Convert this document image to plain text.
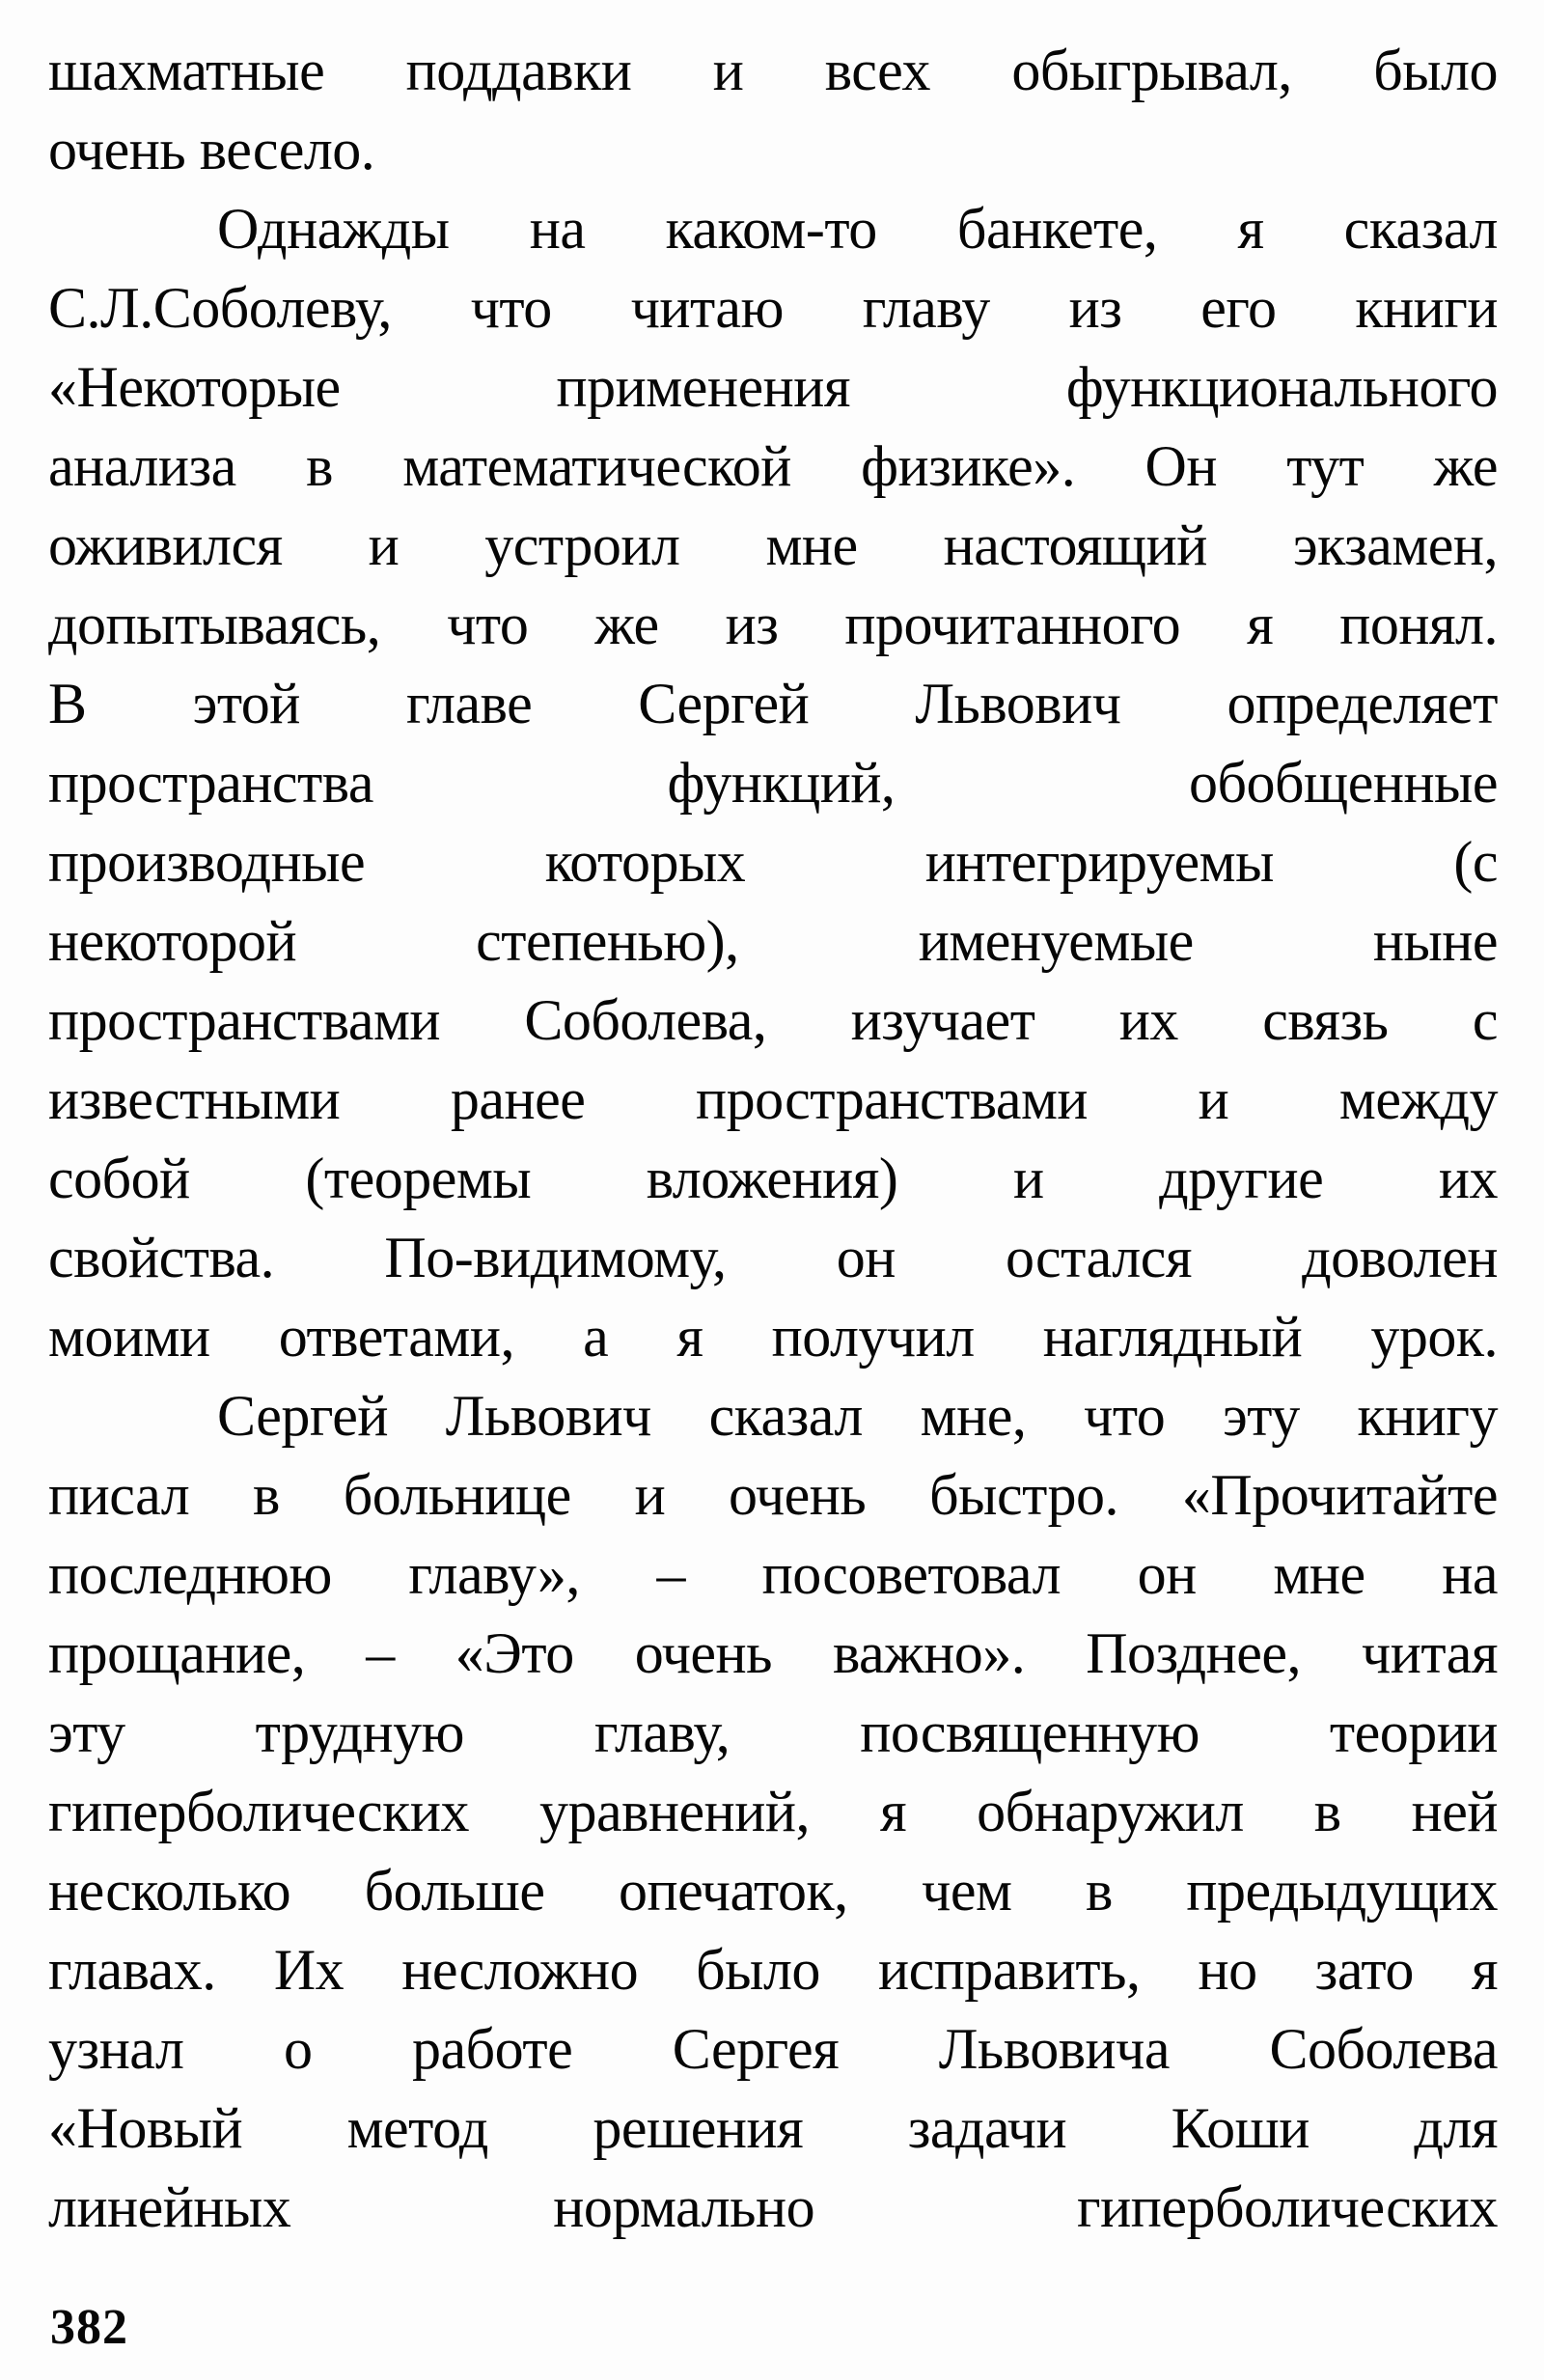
шахматные поддавки и всех обыгрывал, было
очень весело.
Однажды на каком-то банкете, я сказал
С.Л.Соболеву, что читаю главу из его книги
«Некоторые применения функционального
анализа в математической физике». Он тут же
оживился и устроил мне настоящий экзамен,
допытываясь, что же из прочитанного я понял.
В этой главе Сергей Львович определяет
пространства функций, обобщенные
производные которых интегрируемы (с
некоторой степенью), именуемые ныне
пространствами Соболева, изучает их связь с
известными ранее пространствами и между
собой (теоремы вложения) и другие их
свойства. По-видимому, он остался доволен
моими ответами, а я получил наглядный урок.
Сергей Львович сказал мне, что эту книгу
писал в больнице и очень быстро. «Прочитайте
последнюю главу», – посоветовал он мне на
прощание, – «Это очень важно». Позднее, читая
эту трудную главу, посвященную теории
гиперболических уравнений, я обнаружил в ней
несколько больше опечаток, чем в предыдущих
главах. Их несложно было исправить, но зато я
узнал о работе Сергея Львовича Соболева
«Новый метод решения задачи Коши для
линейных нормально гиперболических
382
